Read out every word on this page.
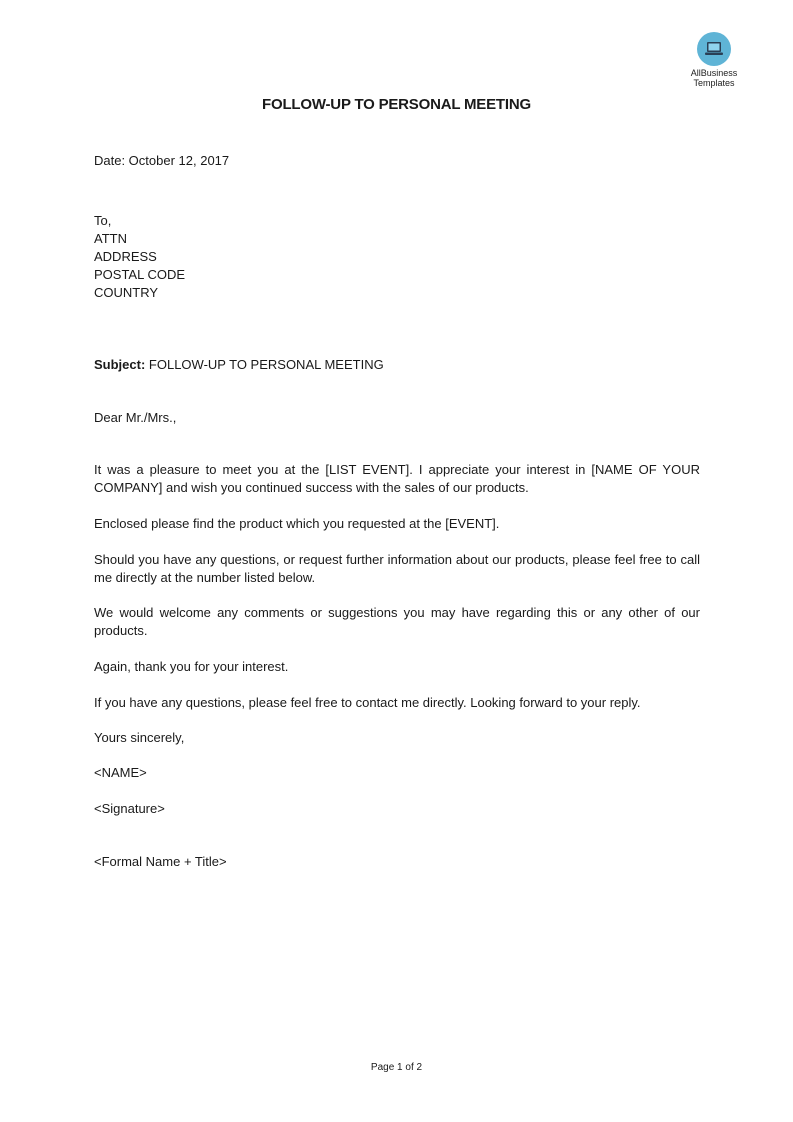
AllBusiness
Templates
FOLLOW-UP TO PERSONAL MEETING
Date: October 12, 2017
To,
ATTN
ADDRESS
POSTAL CODE
COUNTRY
Subject: FOLLOW-UP TO PERSONAL MEETING
Dear Mr./Mrs.,
It was a pleasure to meet you at the [LIST EVENT]. I appreciate your interest in [NAME OF YOUR COMPANY] and wish you continued success with the sales of our products.
Enclosed please find the product which you requested at the [EVENT].
Should you have any questions, or request further information about our products, please feel free to call me directly at the number listed below.
We would welcome any comments or suggestions you may have regarding this or any other of our products.
Again, thank you for your interest.
If you have any questions, please feel free to contact me directly. Looking forward to your reply.
Yours sincerely,
<NAME>
<Signature>
<Formal Name + Title>
Page 1 of 2
